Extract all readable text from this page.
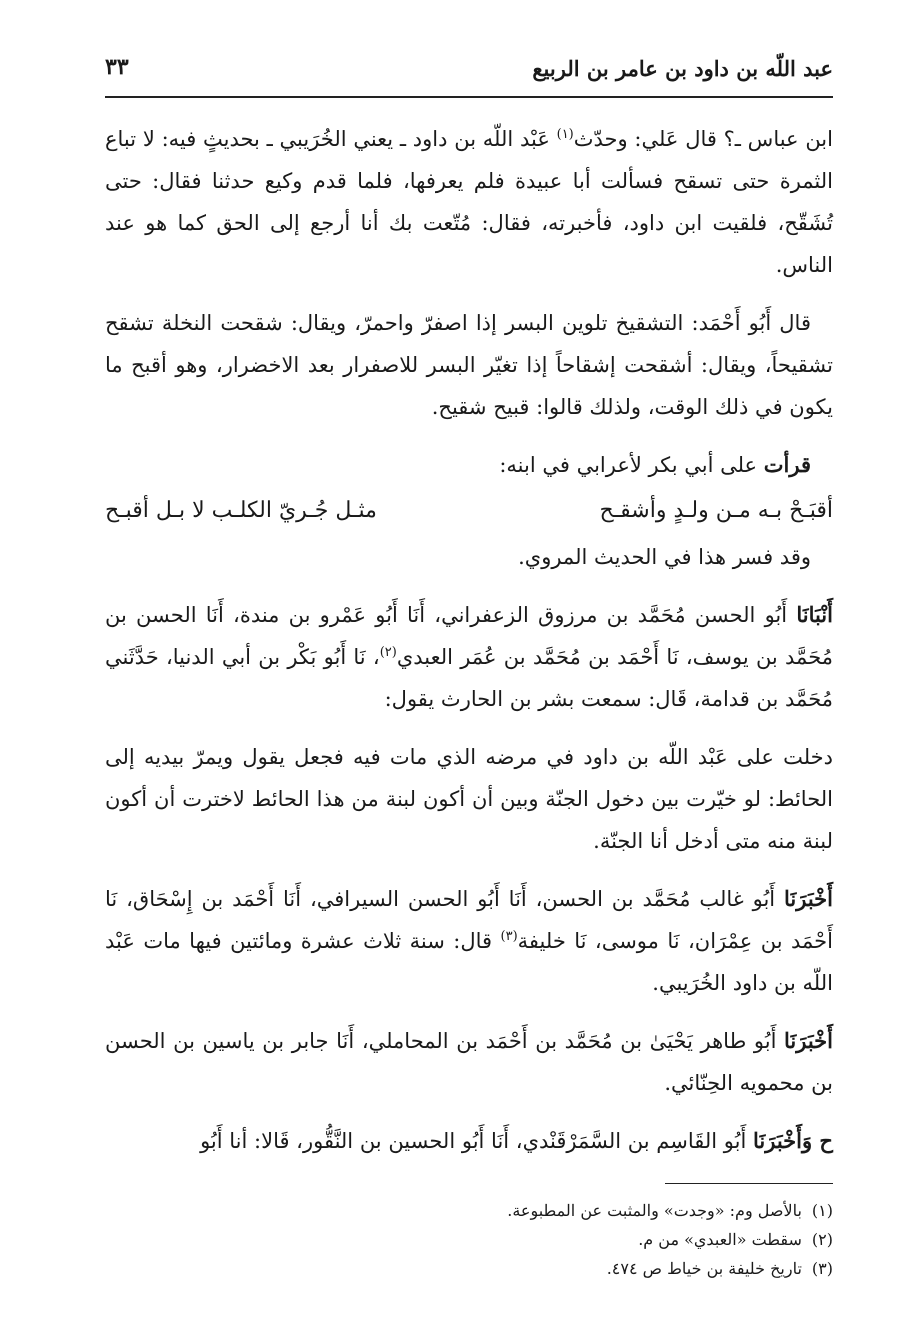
عبد اللّه بن داود بن عامر بن الربيع
٣٣

ابن عباس ـ؟ قال عَلي: وحدّث$^{(١)}$ عَبْد اللّه بن داود ـ يعني الخُرَيبي ـ بحديثٍ فيه: لا تباع الثمرة حتى تسقح فسألت أبا عبيدة فلم يعرفها، فلما قدم وكيع حدثنا فقال: حتى تُشَقّح، فلقيت ابن داود، فأخبرته، فقال: مُتّعت بك أنا أرجع إلى الحق كما هو عند الناس.

قال أَبُو أَحْمَد: التشقيخ تلوين البسر إذا اصفرّ واحمرّ، ويقال: شقحت النخلة تشقح تشقيحاً، ويقال: أشقحت إشقاحاً إذا تغيّر البسر للاصفرار بعد الاخضرار، وهو أقبح ما يكون في ذلك الوقت، ولذلك قالوا: قبيح شقيح.

قرأت على أبي بكر لأعرابي في ابنه:

أقبَـحْ بـه مـن ولـدٍ وأشقـح
مثـل جُـريّ الكلـب لا بـل أقبـح

وقد فسر هذا في الحديث المروي.

أَنْبَانَا أَبُو الحسن مُحَمَّد بن مرزوق الزعفراني، أَنَا أَبُو عَمْرو بن مندة، أَنَا الحسن بن مُحَمَّد بن يوسف، نَا أَحْمَد بن مُحَمَّد بن عُمَر العبدي$^{(٢)}$، نَا أَبُو بَكْر بن أبي الدنيا، حَدَّثَني مُحَمَّد بن قدامة، قَال: سمعت بشر بن الحارث يقول:

دخلت على عَبْد اللّه بن داود في مرضه الذي مات فيه فجعل يقول ويمرّ بيديه إلى الحائط: لو خيّرت بين دخول الجنّة وبين أن أكون لبنة من هذا الحائط لاخترت أن أكون لبنة منه متى أدخل أنا الجنّة.

أَخْبَرَنَا أَبُو غالب مُحَمَّد بن الحسن، أَنَا أَبُو الحسن السيرافي، أَنَا أَحْمَد بن إِسْحَاق، نَا أَحْمَد بن عِمْرَان، نَا موسى، نَا خليفة$^{(٣)}$ قال: سنة ثلاث عشرة ومائتين فيها مات عَبْد اللّه بن داود الخُرَيبي.

أَخْبَرَنَا أَبُو طاهر يَحْيَىٰ بن مُحَمَّد بن أَحْمَد بن المحاملي، أَنَا جابر بن ياسين بن الحسن بن محمويه الحِنّائي.

ح وَأَخْبَرَنَا أَبُو القَاسِم بن السَّمَرْقَنْدي، أَنَا أَبُو الحسين بن النَّقُّور، قَالا: أنا أَبُو

(١)بالأصل وم: «وجدت» والمثبت عن المطبوعة.
(٢)سقطت «العبدي» من م.
(٣)تاريخ خليفة بن خياط ص ٤٧٤.
